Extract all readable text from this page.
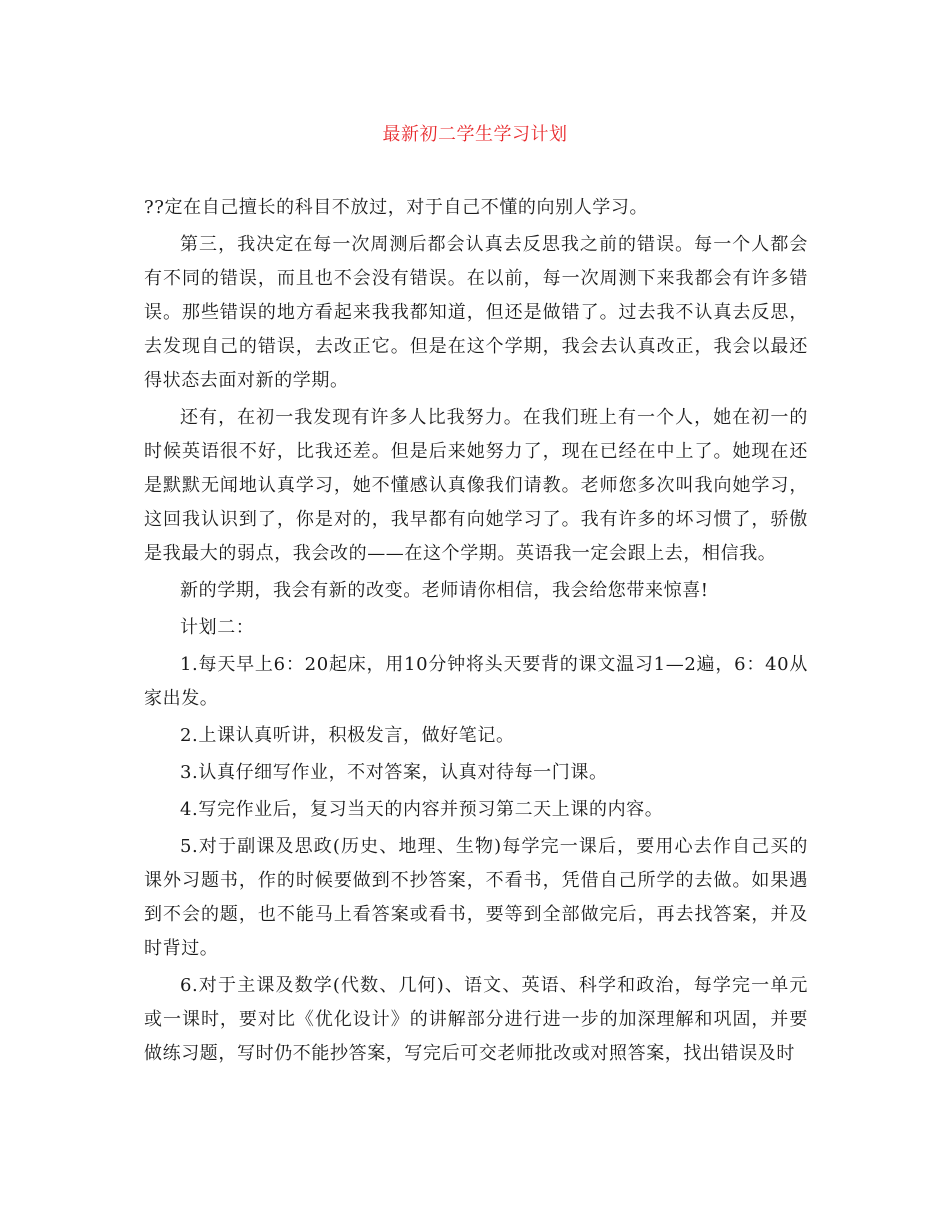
最新初二学生学习计划

??定在自己擅长的科目不放过，对于自己不懂的向别人学习。

第三，我决定在每一次周测后都会认真去反思我之前的错误。每一个人都会有不同的错误，而且也不会没有错误。在以前，每一次周测下来我都会有许多错误。那些错误的地方看起来我我都知道，但还是做错了。过去我不认真去反思，去发现自己的错误，去改正它。但是在这个学期，我会去认真改正，我会以最还得状态去面对新的学期。

还有，在初一我发现有许多人比我努力。在我们班上有一个人，她在初一的时候英语很不好，比我还差。但是后来她努力了，现在已经在中上了。她现在还是默默无闻地认真学习，她不懂感认真像我们请教。老师您多次叫我向她学习，这回我认识到了，你是对的，我早都有向她学习了。我有许多的坏习惯了，骄傲是我最大的弱点，我会改的——在这个学期。英语我一定会跟上去，相信我。

新的学期，我会有新的改变。老师请你相信，我会给您带来惊喜!

计划二：

1.每天早上6：20起床，用10分钟将头天要背的课文温习1—2遍，6：40从家出发。

2.上课认真听讲，积极发言，做好笔记。

3.认真仔细写作业，不对答案，认真对待每一门课。

4.写完作业后，复习当天的内容并预习第二天上课的内容。

5.对于副课及思政(历史、地理、生物)每学完一课后，要用心去作自己买的课外习题书，作的时候要做到不抄答案，不看书，凭借自己所学的去做。如果遇到不会的题，也不能马上看答案或看书，要等到全部做完后，再去找答案，并及时背过。

6.对于主课及数学(代数、几何)、语文、英语、科学和政治，每学完一单元或一课时，要对比《优化设计》的讲解部分进行进一步的加深理解和巩固，并要做练习题，写时仍不能抄答案，写完后可交老师批改或对照答案，找出错误及时
